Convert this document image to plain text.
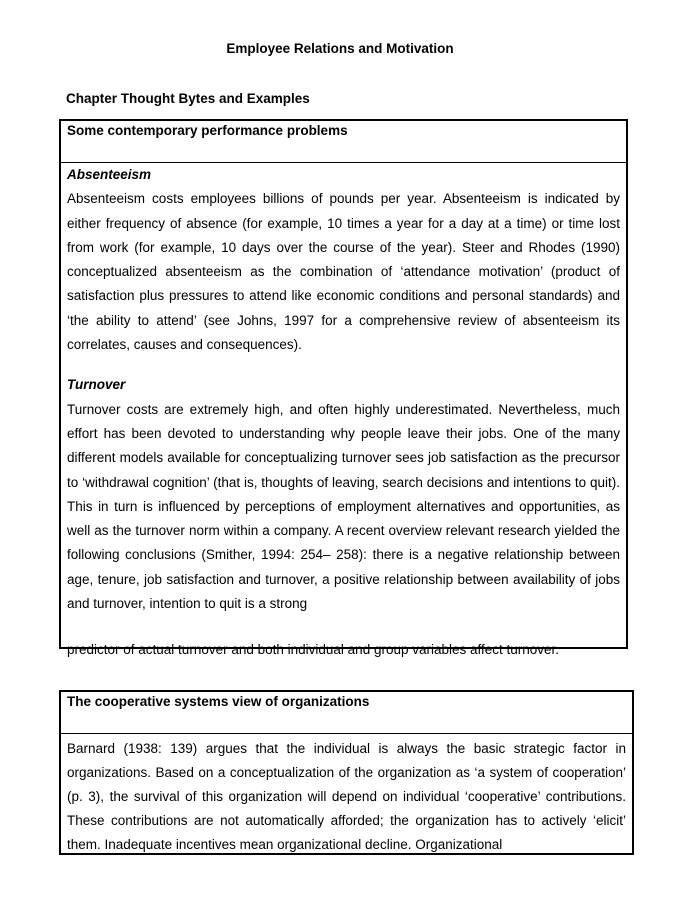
Employee Relations and Motivation
Chapter Thought Bytes and Examples
Some contemporary performance problems

Absenteeism

Absenteeism costs employees billions of pounds per year. Absenteeism is indicated by either frequency of absence (for example, 10 times a year for a day at a time) or time lost from work (for example, 10 days over the course of the year). Steer and Rhodes (1990) conceptualized absenteeism as the combination of ‘attendance motivation’ (product of satisfaction plus pressures to attend like economic conditions and personal standards) and ‘the ability to attend’ (see Johns, 1997 for a comprehensive review of absenteeism its correlates, causes and consequences).

Turnover

Turnover costs are extremely high, and often highly underestimated. Nevertheless, much effort has been devoted to understanding why people leave their jobs. One of the many different models available for conceptualizing turnover sees job satisfaction as the precursor to ‘withdrawal cognition’ (that is, thoughts of leaving, search decisions and intentions to quit). This in turn is influenced by perceptions of employment alternatives and opportunities, as well as the turnover norm within a company. A recent overview relevant research yielded the following conclusions (Smither, 1994: 254– 258): there is a negative relationship between age, tenure, job satisfaction and turnover, a positive relationship between availability of jobs and turnover, intention to quit is a strong

predictor of actual turnover and both individual and group variables affect turnover.

The cooperative systems view of organizations

Barnard (1938: 139) argues that the individual is always the basic strategic factor in organizations. Based on a conceptualization of the organization as ‘a system of cooperation’ (p. 3), the survival of this organization will depend on individual ‘cooperative’ contributions. These contributions are not automatically afforded; the organization has to actively ‘elicit’ them. Inadequate incentives mean organizational decline. Organizational
